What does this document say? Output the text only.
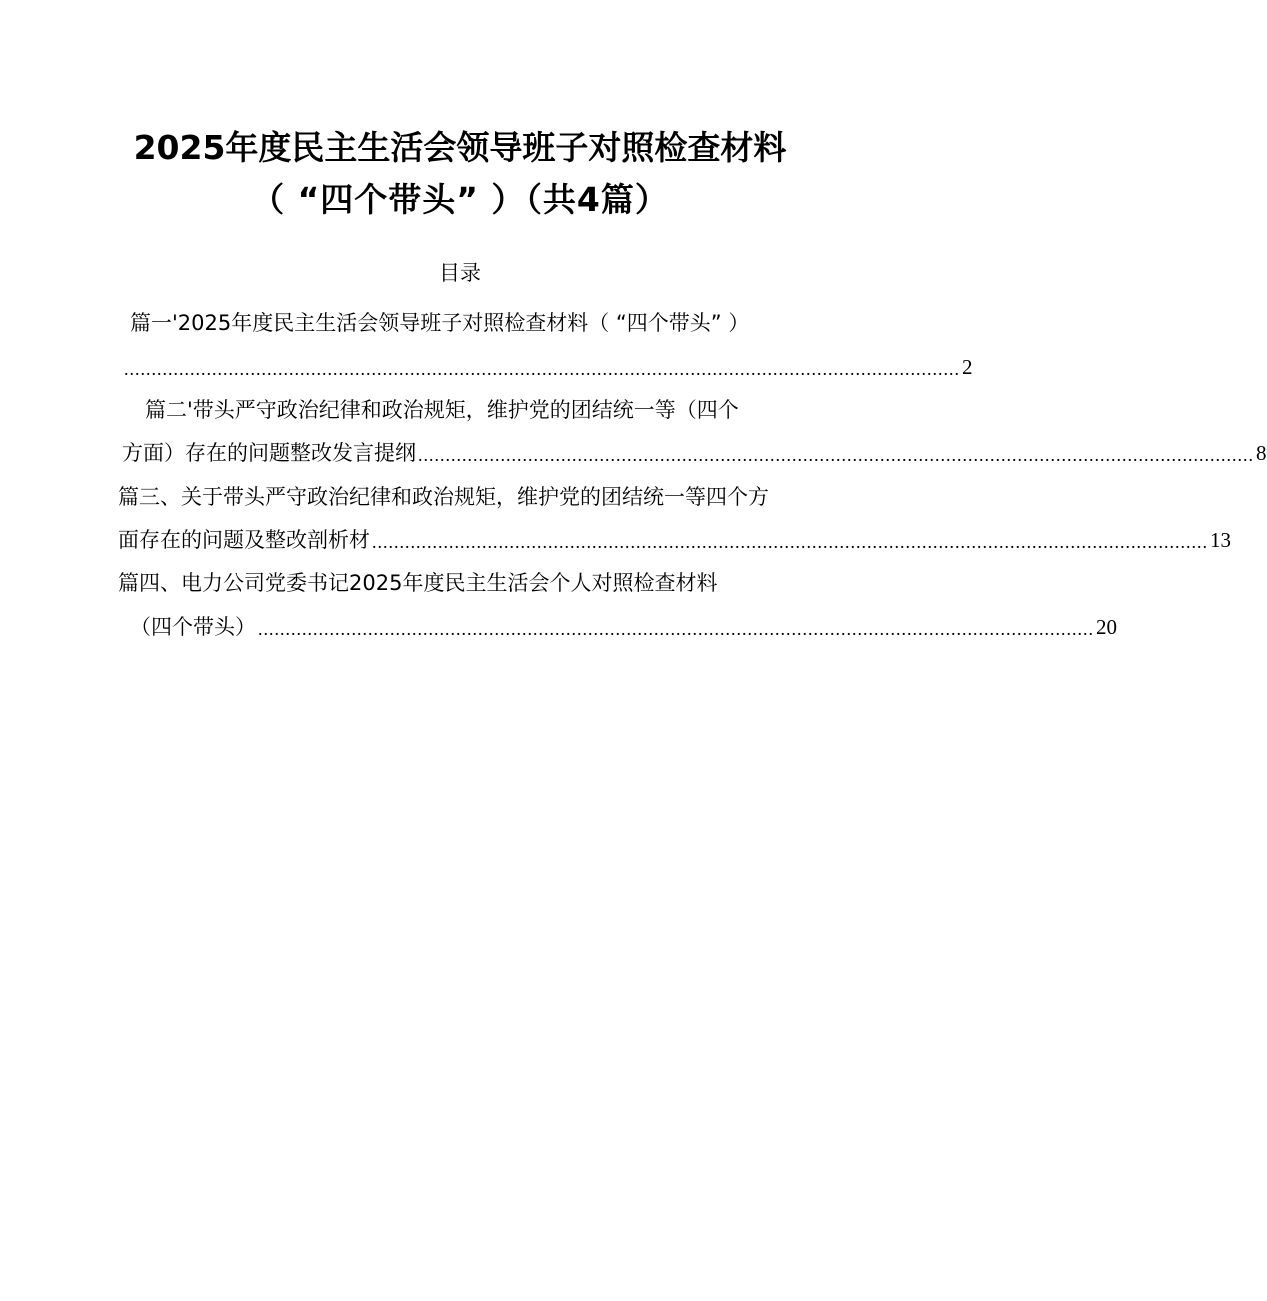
2025年度民主生活会领导班子对照检查材料
（ “四个带头” ）（共4篇）
目录
篇一'2025年度民主生活会领导班子对照检查材料（ “四个带头” ）
........................................................................................................................................................ 2
篇二'带头严守政治纪律和政治规矩，维护党的团结统一等（四个
方面）存在的问题整改发言提纲 ........................................................................................................................................................ 8
篇三、关于带头严守政治纪律和政治规矩，维护党的团结统一等四个方
面存在的问题及整改剖析材 ........................................................................................................................................................ 13
篇四、电力公司党委书记2025年度民主生活会个人对照检查材料
（四个带头） ........................................................................................................................................................ 20
